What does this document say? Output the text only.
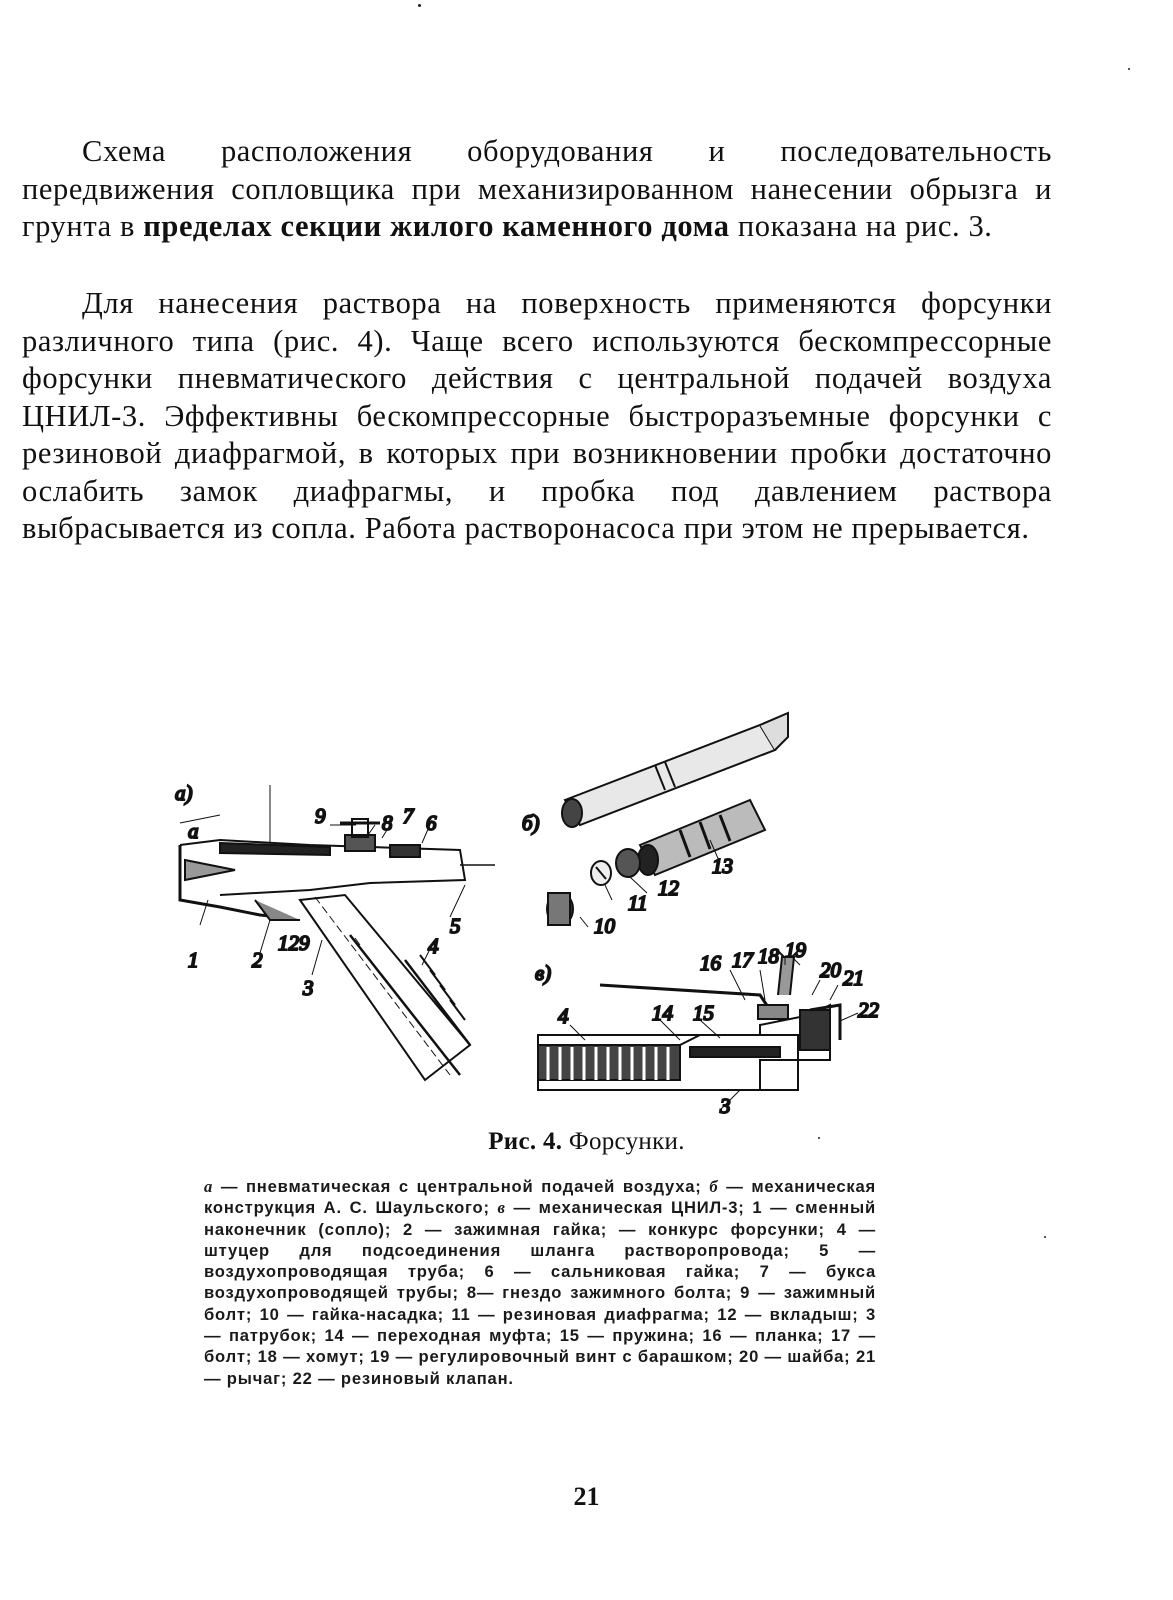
Схема расположения оборудования и последовательность передвижения сопловщика при механизированном нанесении обрызга и грунта в пределах секции жилого каменного дома показана на рис. 3.

Для нанесения раствора на поверхность применяются форсунки различного типа (рис. 4). Чаще всего используются бескомпрессорные форсунки пневматического действия с центральной подачей воздуха ЦНИЛ-3. Эффективны бескомпрессорные быстроразъемные форсунки с резиновой диафрагмой, в которых при возникновении пробки достаточно ослабить замок диафрагмы, и пробка под давлением раствора выбрасывается из сопла. Работа растворонасоса при этом не прерывается.

а)
а
1	2
129
3
4
5
6
7
8
9	б)
10
11
12
13
в)
4	14 15
16 17 18 19
20 21
22
3
Рис. 4. Форсунки.

а — пневматическая с центральной подачей воздуха; б — механическая конструкция А. С. Шаульского; в — механическая ЦНИЛ-3; 1 — сменный наконечник (сопло); 2 — зажимная гайка; — конкурс форсунки; 4 — штуцер для подсоединения шланга растворопровода; 5 — воздухопроводящая труба; 6 — сальниковая гайка; 7 — букса воздухопроводящей трубы; 8— гнездо зажимного болта; 9 — зажимный болт; 10 — гайка-насадка; 11 — резиновая диафрагма; 12 — вкладыш; 3 — патрубок; 14 — переходная муфта; 15 — пружина; 16 — планка; 17 — болт; 18 — хомут; 19 — регулировочный винт с барашком; 20 — шайба; 21 — рычаг; 22 — резиновый клапан.

21
